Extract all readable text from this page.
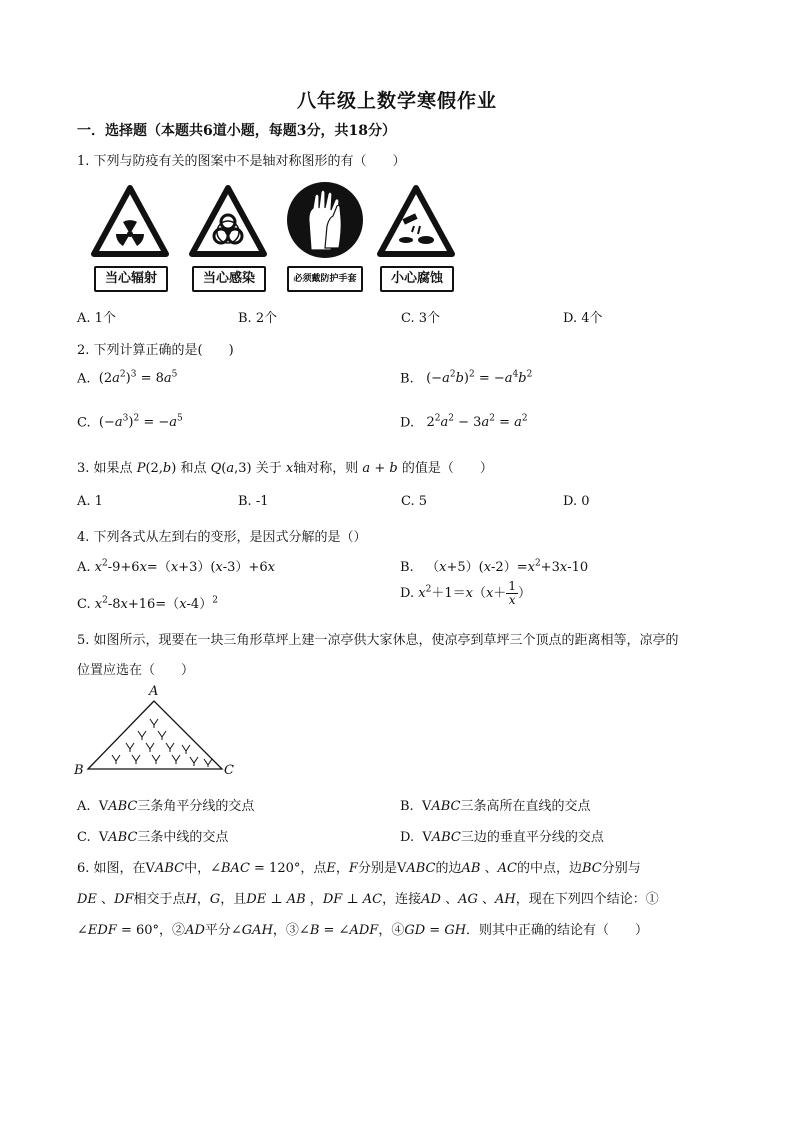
八年级上数学寒假作业
一．选择题（本题共6道小题，每题3分，共18分）
1. 下列与防疫有关的图案中不是轴对称图形的有（　　）
当心辐射	当心感染	必须戴防护手套	小心腐蚀
A. 1个	B. 2个	C. 3个	D. 4个
2. 下列计算正确的是(　　)
A.  $(2a^2)^3 = 8a^5$	B.   $(-a^2b)^2 = -a^4b^2$
C.  $(-a^3)^2 = -a^5$	D.   $2^2a^2 - 3a^2 = a^2$
3. 如果点 P(2,b) 和点 Q(a,3) 关于 x轴对称，则 a + b 的值是（　　）
A. 1	B. -1	C. 5	D. 0
4. 下列各式从左到右的变形，是因式分解的是（）
A. $x^2-9+6x=(x+3)(x-3)+6x$	B.   $(x+5)(x-2)=x^2+3x-10$
C. $x^2-8x+16=(x-4)^2$	D. $x^2+1=x(x+ \frac{1}{x}$ ）
5. 如图所示，现要在一块三角形草坪上建一凉亭供大家休息，使凉亭到草坪三个顶点的距离相等，凉亭的
位置应选在（　　）
A
B	C
A. VABC三条角平分线的交点	B. VABC三条高所在直线的交点
C. VABC三条中线的交点	D. VABC三边的垂直平分线的交点
6. 如图，在VABC中，∠BAC = 120°，点E，F分别是VABC的边AB 、AC的中点，边BC分别与
DE 、DF相交于点H，G，且DE ⊥ AB ，DF ⊥ AC，连接AD 、AG 、AH，现在下列四个结论：①
∠EDF = 60°，②AD平分∠GAH，③∠B = ∠ADF，④GD = GH．则其中正确的结论有（　　）
